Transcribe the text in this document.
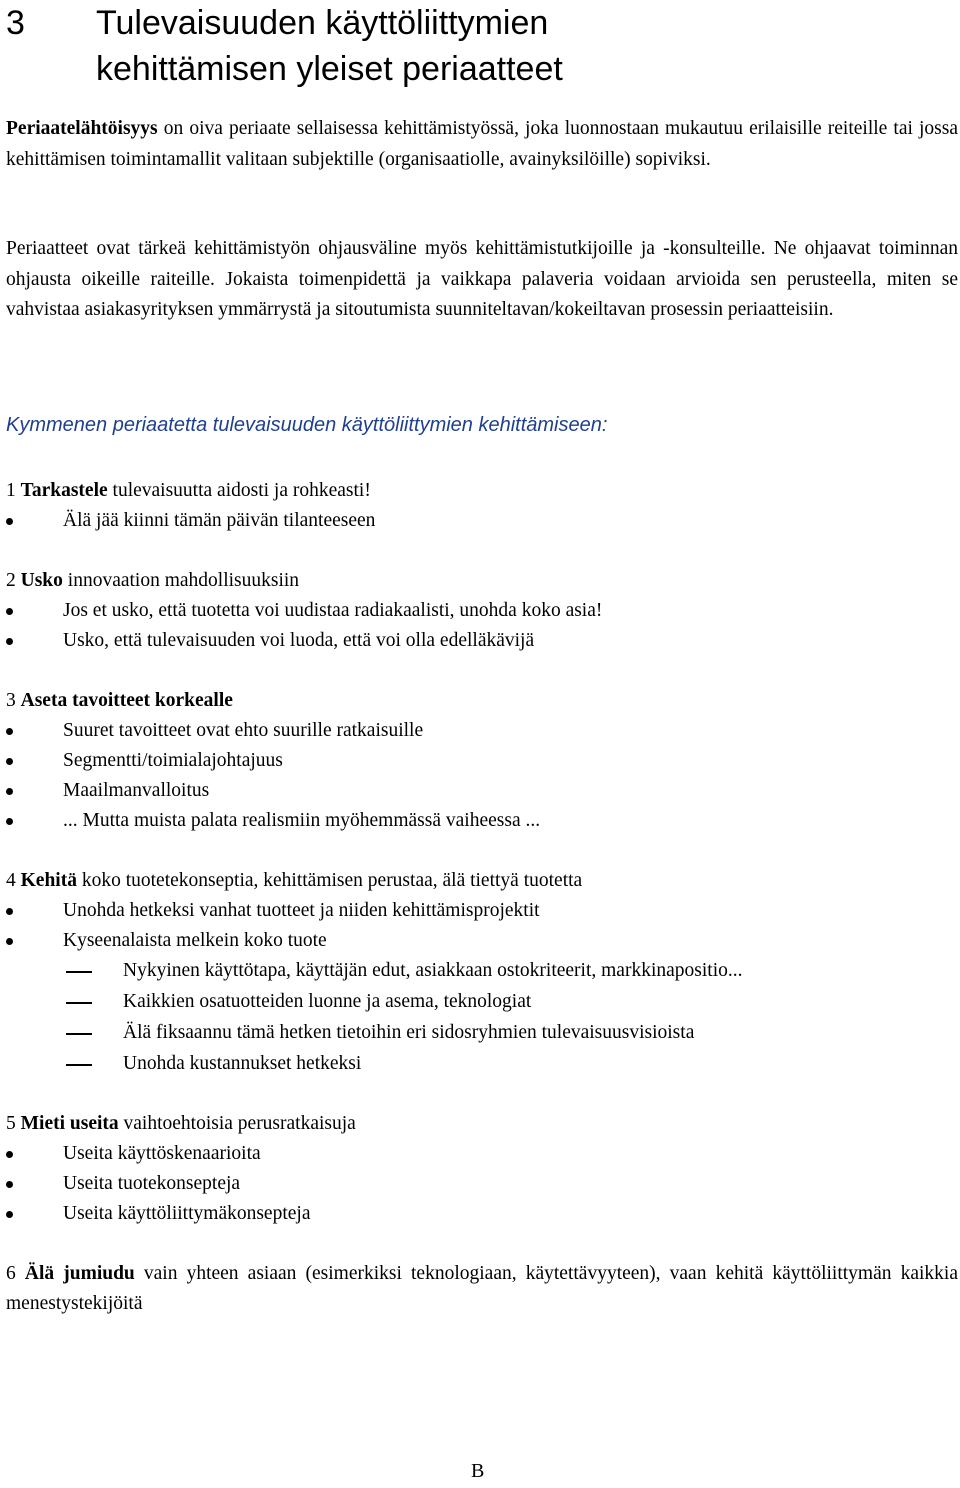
3 Tulevaisuuden käyttöliittymien
kehittämisen yleiset periaatteet

Periaatelähtöisyys on oiva periaate sellaisessa kehittämistyössä, joka luonnostaan mukautuu erilaisille reiteille tai jossa kehittämisen toimintamallit valitaan subjektille (organisaatiolle, avainyksilöille) sopiviksi.

Periaatteet ovat tärkeä kehittämistyön ohjausväline myös kehittämistutkijoille ja -konsulteille. Ne ohjaavat toiminnan ohjausta oikeille raiteille. Jokaista toimenpidettä ja vaikkapa palaveria voidaan arvioida sen perusteella, miten se vahvistaa asiakasyrityksen ymmärrystä ja sitoutumista suunniteltavan/kokeiltavan prosessin periaatteisiin.

Kymmenen periaatetta tulevaisuuden käyttöliittymien kehittämiseen:
1 Tarkastele tulevaisuutta aidosti ja rohkeasti!
Älä jää kiinni tämän päivän tilanteeseen
2 Usko innovaation mahdollisuuksiin
Jos et usko, että tuotetta voi uudistaa radiakaalisti, unohda koko asia!
Usko, että tulevaisuuden voi luoda, että voi olla edelläkävijä
3 Aseta tavoitteet korkealle
Suuret tavoitteet ovat ehto suurille ratkaisuille
Segmentti/toimialajohtajuus
Maailmanvalloitus
... Mutta muista palata realismiin myöhemmässä vaiheessa ...
4 Kehitä koko tuotetekonseptia, kehittämisen perustaa, älä tiettyä tuotetta
Unohda hetkeksi vanhat tuotteet ja niiden kehittämisprojektit
Kyseenalaista melkein koko tuote
Nykyinen käyttötapa, käyttäjän edut, asiakkaan ostokriteerit, markkinapositio...
Kaikkien osatuotteiden luonne ja asema, teknologiat
Älä fiksaannu tämä hetken tietoihin eri sidosryhmien tulevaisuusvisioista
Unohda kustannukset hetkeksi
5 Mieti useita vaihtoehtoisia perusratkaisuja
Useita käyttöskenaarioita
Useita tuotekonsepteja
Useita käyttöliittymäkonsepteja
6 Älä jumiudu vain yhteen asiaan (esimerkiksi teknologiaan, käytettävyyteen), vaan kehitä käyttöliittymän kaikkia menestystekijöitä
B
